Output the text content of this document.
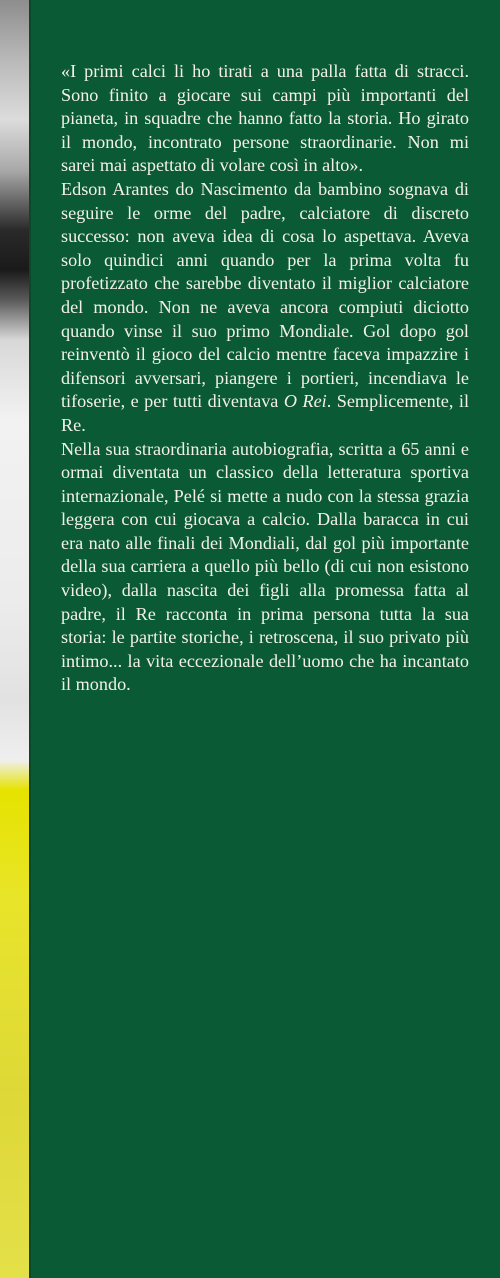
«I primi calci li ho tirati a una palla fatta di stracci. Sono finito a giocare sui campi più importanti del pianeta, in squadre che hanno fatto la storia. Ho girato il mondo, incontrato persone straordinarie. Non mi sarei mai aspettato di volare così in alto».

Edson Arantes do Nascimento da bambino sognava di seguire le orme del padre, calciatore di discreto successo: non aveva idea di cosa lo aspettava. Aveva solo quindici anni quando per la prima volta fu profetizzato che sarebbe diventato il miglior calciatore del mondo. Non ne aveva ancora compiuti diciotto quando vinse il suo primo Mondiale. Gol dopo gol reinventò il gioco del calcio mentre faceva impazzire i difensori avversari, piangere i portieri, incendiava le tifoserie, e per tutti diventava O Rei. Semplicemente, il Re.

Nella sua straordinaria autobiografia, scritta a 65 anni e ormai diventata un classico della letteratura sportiva internazionale, Pelé si mette a nudo con la stessa grazia leggera con cui giocava a calcio. Dalla baracca in cui era nato alle finali dei Mondiali, dal gol più importante della sua carriera a quello più bello (di cui non esistono video), dalla nascita dei figli alla promessa fatta al padre, il Re racconta in prima persona tutta la sua storia: le partite storiche, i retroscena, il suo privato più intimo... la vita eccezionale dell’uomo che ha incantato il mondo.
